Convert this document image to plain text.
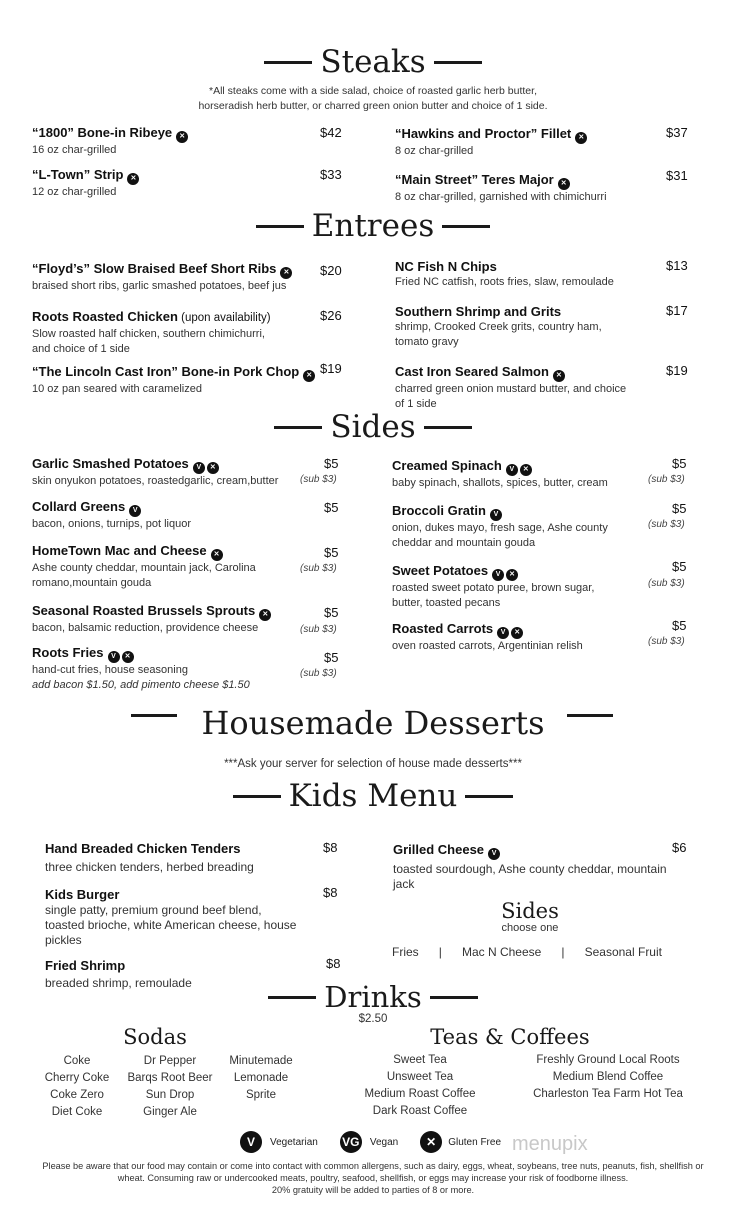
Steaks
*All steaks come with a side salad, choice of roasted garlic herb butter,
horseradish herb butter, or charred green onion butter and choice of 1 side.
“1800” Bone-in Ribeye ✕
16 oz char-grilled
$42
“L-Town” Strip ✕
12 oz char-grilled
$33
“Hawkins and Proctor” Fillet ✕
8 oz char-grilled
$37
“Main Street” Teres Major ✕
8 oz char-grilled, garnished with chimichurri
$31
Entrees
“Floyd’s” Slow Braised Beef Short Ribs ✕
braised short ribs, garlic smashed potatoes, beef jus
$20
Roots Roasted Chicken (upon availability)
Slow roasted half chicken, southern chimichurri,
and choice of 1 side
$26
“The Lincoln Cast Iron” Bone-in Pork Chop ✕
10 oz pan seared with caramelized
$19
NC Fish N Chips
Fried NC catfish, roots fries, slaw, remoulade
$13
Southern Shrimp and Grits
shrimp, Crooked Creek grits, country ham,
tomato gravy
$17
Cast Iron Seared Salmon ✕
charred green onion mustard butter, and choice
of 1 side
$19
Sides
Garlic Smashed Potatoes V ✕
skin onyukon potatoes, roastedgarlic, cream,butter
$5
(sub $3)
Collard Greens V
bacon, onions, turnips, pot liquor
$5
HomeTown Mac and Cheese ✕
Ashe county cheddar, mountain jack, Carolina
romano,mountain gouda
$5
(sub $3)
Seasonal Roasted Brussels Sprouts ✕
bacon, balsamic reduction, providence cheese
$5
(sub $3)
Roots Fries V ✕
hand-cut fries, house seasoning
add bacon $1.50, add pimento cheese $1.50
$5
(sub $3)
Creamed Spinach V ✕
baby spinach, shallots, spices, butter, cream
$5
(sub $3)
Broccoli Gratin V
onion, dukes mayo, fresh sage, Ashe county
cheddar and mountain gouda
$5
(sub $3)
Sweet Potatoes V ✕
roasted sweet potato puree, brown sugar,
butter, toasted pecans
$5
(sub $3)
Roasted Carrots V ✕
oven roasted carrots, Argentinian relish
$5
(sub $3)
Housemade Desserts
***Ask your server for selection of house made desserts***
Kids Menu
Hand Breaded Chicken Tenders
three chicken tenders, herbed breading
$8
Kids Burger
single patty, premium ground beef blend,
toasted brioche, white American cheese, house
pickles
$8
Fried Shrimp
breaded shrimp, remoulade
$8
Grilled Cheese V
toasted sourdough, Ashe county cheddar, mountain
jack
$6
Sides
choose one
Fries | Mac N Cheese | Seasonal Fruit
Drinks
$2.50
Sodas
Coke
Cherry Coke
Coke Zero
Diet Coke
Dr Pepper
Barqs Root Beer
Sun Drop
Ginger Ale
Minutemade
Lemonade
Sprite
Teas & Coffees
Sweet Tea
Unsweet Tea
Medium Roast Coffee
Dark Roast Coffee
Freshly Ground Local Roots
Medium Blend Coffee
Charleston Tea Farm Hot Tea
V	Vegetarian VG Vegan	✕	Gluten Free menupix
Please be aware that our food may contain or come into contact with common allergens, such as dairy, eggs, wheat, soybeans, tree nuts, peanuts, fish, shellfish or
wheat. Consuming raw or undercooked meats, poultry, seafood, shellfish, or eggs may increase your risk of foodborne illness.
20% gratuity will be added to parties of 8 or more.
